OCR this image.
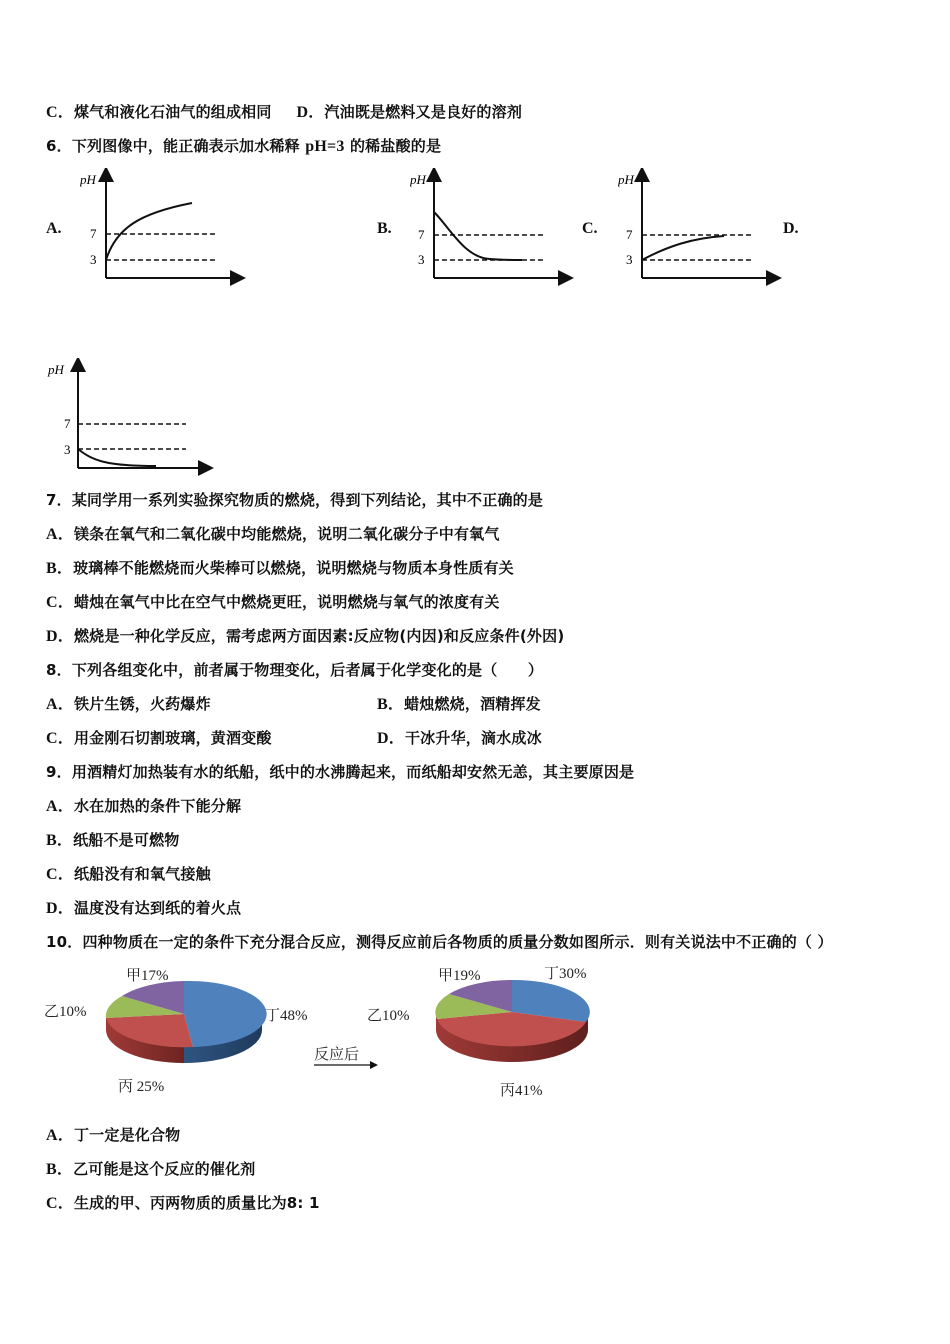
C．煤气和液化石油气的组成相同 D．汽油既是燃料又是良好的溶剂
6．下列图像中，能正确表示加水稀释 pH=3 的稀盐酸的是
A.	B.	C.	D.
pH
7
3
pH
7
3
pH
7
3
pH
7
3
7．某同学用一系列实验探究物质的燃烧，得到下列结论，其中不正确的是
A．镁条在氧气和二氧化碳中均能燃烧，说明二氧化碳分子中有氧气
B．玻璃棒不能燃烧而火柴棒可以燃烧，说明燃烧与物质本身性质有关
C．蜡烛在氧气中比在空气中燃烧更旺，说明燃烧与氧气的浓度有关
D．燃烧是一种化学反应，需考虑两方面因素:反应物(内因)和反应条件(外因)
8．下列各组变化中，前者属于物理变化，后者属于化学变化的是（　　）
A．铁片生锈，火药爆炸	B．蜡烛燃烧，酒精挥发
C．用金刚石切割玻璃，黄酒变酸	D．干冰升华，滴水成冰
9．用酒精灯加热装有水的纸船，纸中的水沸腾起来，而纸船却安然无恙，其主要原因是
A．水在加热的条件下能分解
B．纸船不是可燃物
C．纸船没有和氧气接触
D．温度没有达到纸的着火点
10．四种物质在一定的条件下充分混合反应，测得反应前后各物质的质量分数如图所示．则有关说法中不正确的（ ）
甲17%
乙10%
丙 25%
丁48%
反应后
甲19%
乙10%
丙41%
丁30%
A．丁一定是化合物
B．乙可能是这个反应的催化剂
C．生成的甲、丙两物质的质量比为8: 1
